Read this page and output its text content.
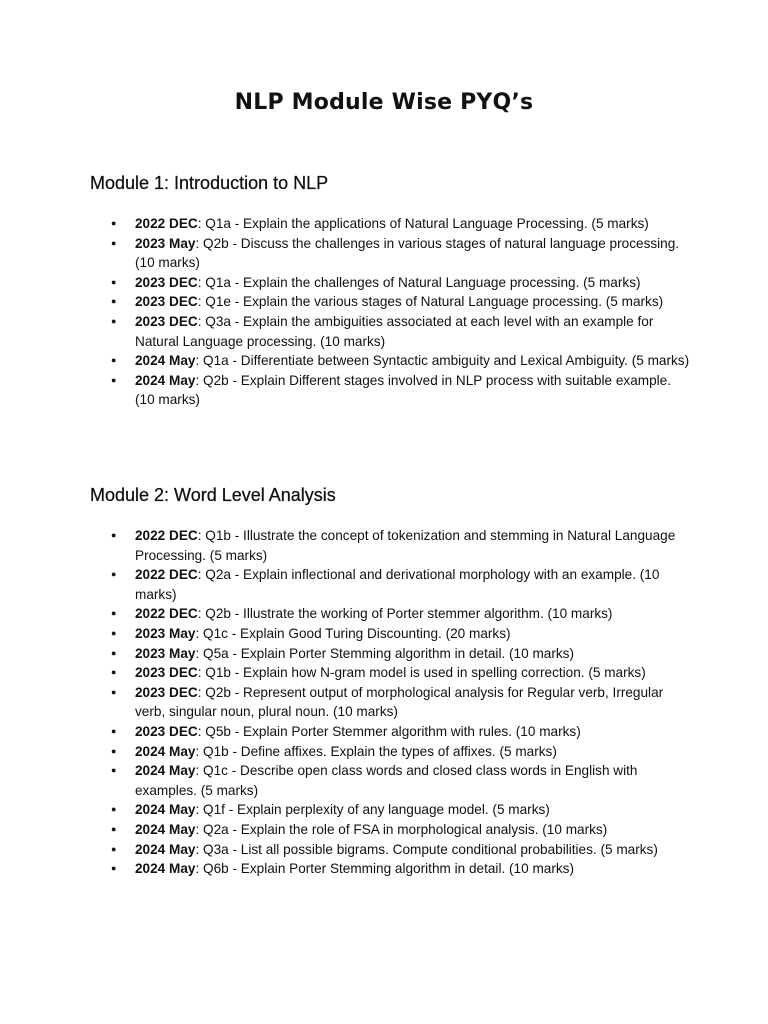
NLP Module Wise PYQ’s
Module 1: Introduction to NLP
● 2022 DEC: Q1a - Explain the applications of Natural Language Processing. (5 marks)
● 2023 May: Q2b - Discuss the challenges in various stages of natural language processing. (10 marks)
● 2023 DEC: Q1a - Explain the challenges of Natural Language processing. (5 marks)
● 2023 DEC: Q1e - Explain the various stages of Natural Language processing. (5 marks)
● 2023 DEC: Q3a - Explain the ambiguities associated at each level with an example for Natural Language processing. (10 marks)
● 2024 May: Q1a - Differentiate between Syntactic ambiguity and Lexical Ambiguity. (5 marks)
● 2024 May: Q2b - Explain Different stages involved in NLP process with suitable example. (10 marks)
Module 2: Word Level Analysis
● 2022 DEC: Q1b - Illustrate the concept of tokenization and stemming in Natural Language Processing. (5 marks)
● 2022 DEC: Q2a - Explain inflectional and derivational morphology with an example. (10 marks)
● 2022 DEC: Q2b - Illustrate the working of Porter stemmer algorithm. (10 marks)
● 2023 May: Q1c - Explain Good Turing Discounting. (20 marks)
● 2023 May: Q5a - Explain Porter Stemming algorithm in detail. (10 marks)
● 2023 DEC: Q1b - Explain how N-gram model is used in spelling correction. (5 marks)
● 2023 DEC: Q2b - Represent output of morphological analysis for Regular verb, Irregular verb, singular noun, plural noun. (10 marks)
● 2023 DEC: Q5b - Explain Porter Stemmer algorithm with rules. (10 marks)
● 2024 May: Q1b - Define affixes. Explain the types of affixes. (5 marks)
● 2024 May: Q1c - Describe open class words and closed class words in English with examples. (5 marks)
● 2024 May: Q1f - Explain perplexity of any language model. (5 marks)
● 2024 May: Q2a - Explain the role of FSA in morphological analysis. (10 marks)
● 2024 May: Q3a - List all possible bigrams. Compute conditional probabilities. (5 marks)
● 2024 May: Q6b - Explain Porter Stemming algorithm in detail. (10 marks)
